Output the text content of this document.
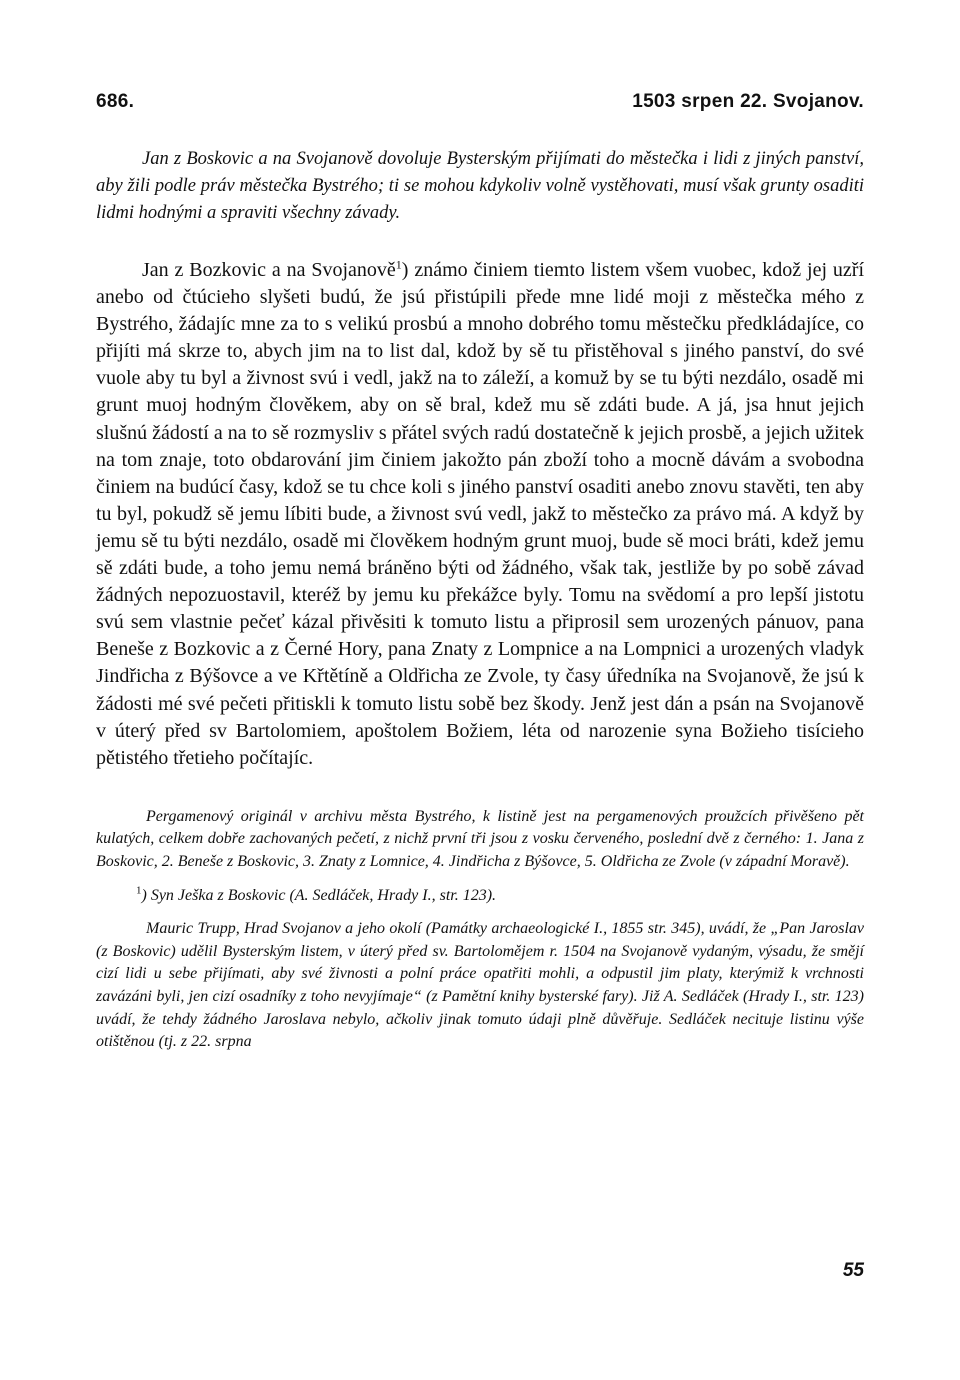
686.	1503 srpen 22. Svojanov.

Jan z Boskovic a na Svojanově dovoluje Bysterským přijímati do městečka i lidi z jiných panství, aby žili podle práv městečka Bystrého; ti se mohou kdykoliv volně vystěhovati, musí však grunty osaditi lidmi hodnými a spraviti všechny závady.

Jan z Bozkovic a na Svojanově$^1$) známo činiem tiemto listem všem vuobec, kdož jej uzří anebo od čtúcieho slyšeti budú, že jsú přistúpili přede mne lidé moji z městečka mého z Bystrého, žádajíc mne za to s velikú prosbú a mnoho dobrého tomu městečku předkládajíce, co přijíti má skrze to, abych jim na to list dal, kdož by sě tu přistěhoval s jiného panství, do své vuole aby tu byl a živnost svú i vedl, jakž na to záleží, a komuž by se tu býti nezdálo, osadě mi grunt muoj hodným člověkem, aby on sě bral, kdež mu sě zdáti bude. A já, jsa hnut jejich slušnú žádostí a na to sě rozmysliv s přátel svých radú dostatečně k jejich prosbě, a jejich užitek na tom znaje, toto obdarování jim činiem jakožto pán zboží toho a mocně dávám a svobodna činiem na budúcí časy, kdož se tu chce koli s jiného panství osaditi anebo znovu stavěti, ten aby tu byl, pokudž sě jemu líbiti bude, a živnost svú vedl, jakž to městečko za právo má. A když by jemu sě tu býti nezdálo, osadě mi člověkem hodným grunt muoj, bude sě moci bráti, kdež jemu sě zdáti bude, a toho jemu nemá bráněno býti od žádného, však tak, jestliže by po sobě závad žádných nepozuostavil, kteréž by jemu ku překážce byly. Tomu na svědomí a pro lepší jistotu svú sem vlastnie pečeť kázal přivěsiti k tomuto listu a připrosil sem urozených pánuov, pana Beneše z Bozkovic a z Černé Hory, pana Znaty z Lompnice a na Lompnici a urozených vladyk Jindřicha z Býšovce a ve Křtětíně a Oldřicha ze Zvole, ty časy úředníka na Svojanově, že jsú k žádosti mé své pečeti přitiskli k tomuto listu sobě bez škody. Jenž jest dán a psán na Svojanově v úterý před sv Bartolomiem, apoštolem Božiem, léta od narozenie syna Božieho tisícieho pětistého třetieho počítajíc.

Pergamenový originál v archivu města Bystrého, k listině jest na pergamenových proužcích přivěšeno pět kulatých, celkem dobře zachovaných pečetí, z nichž první tři jsou z vosku červeného, poslední dvě z černého: 1. Jana z Boskovic, 2. Beneše z Boskovic, 3. Znaty z Lomnice, 4. Jindřicha z Býšovce, 5. Oldřicha ze Zvole (v západní Moravě).

$^1$) Syn Ješka z Boskovic (A. Sedláček, Hrady I., str. 123).

Mauric Trupp, Hrad Svojanov a jeho okolí (Památky archaeologické I., 1855 str. 345), uvádí, že „Pan Jaroslav (z Boskovic) udělil Bysterským listem, v úterý před sv. Bartolomějem r. 1504 na Svojanově vydaným, výsadu, že smějí cizí lidi u sebe přijímati, aby své živnosti a polní práce opatřiti mohli, a odpustil jim platy, kterýmiž k vrchnosti zavázáni byli, jen cizí osadníky z toho nevyjímaje“ (z Pamětní knihy bysterské fary). Již A. Sedláček (Hrady I., str. 123) uvádí, že tehdy žádného Jaroslava nebylo, ačkoliv jinak tomuto údaji plně důvěřuje. Sedláček necituje listinu výše otištěnou (tj. z 22. srpna

55
